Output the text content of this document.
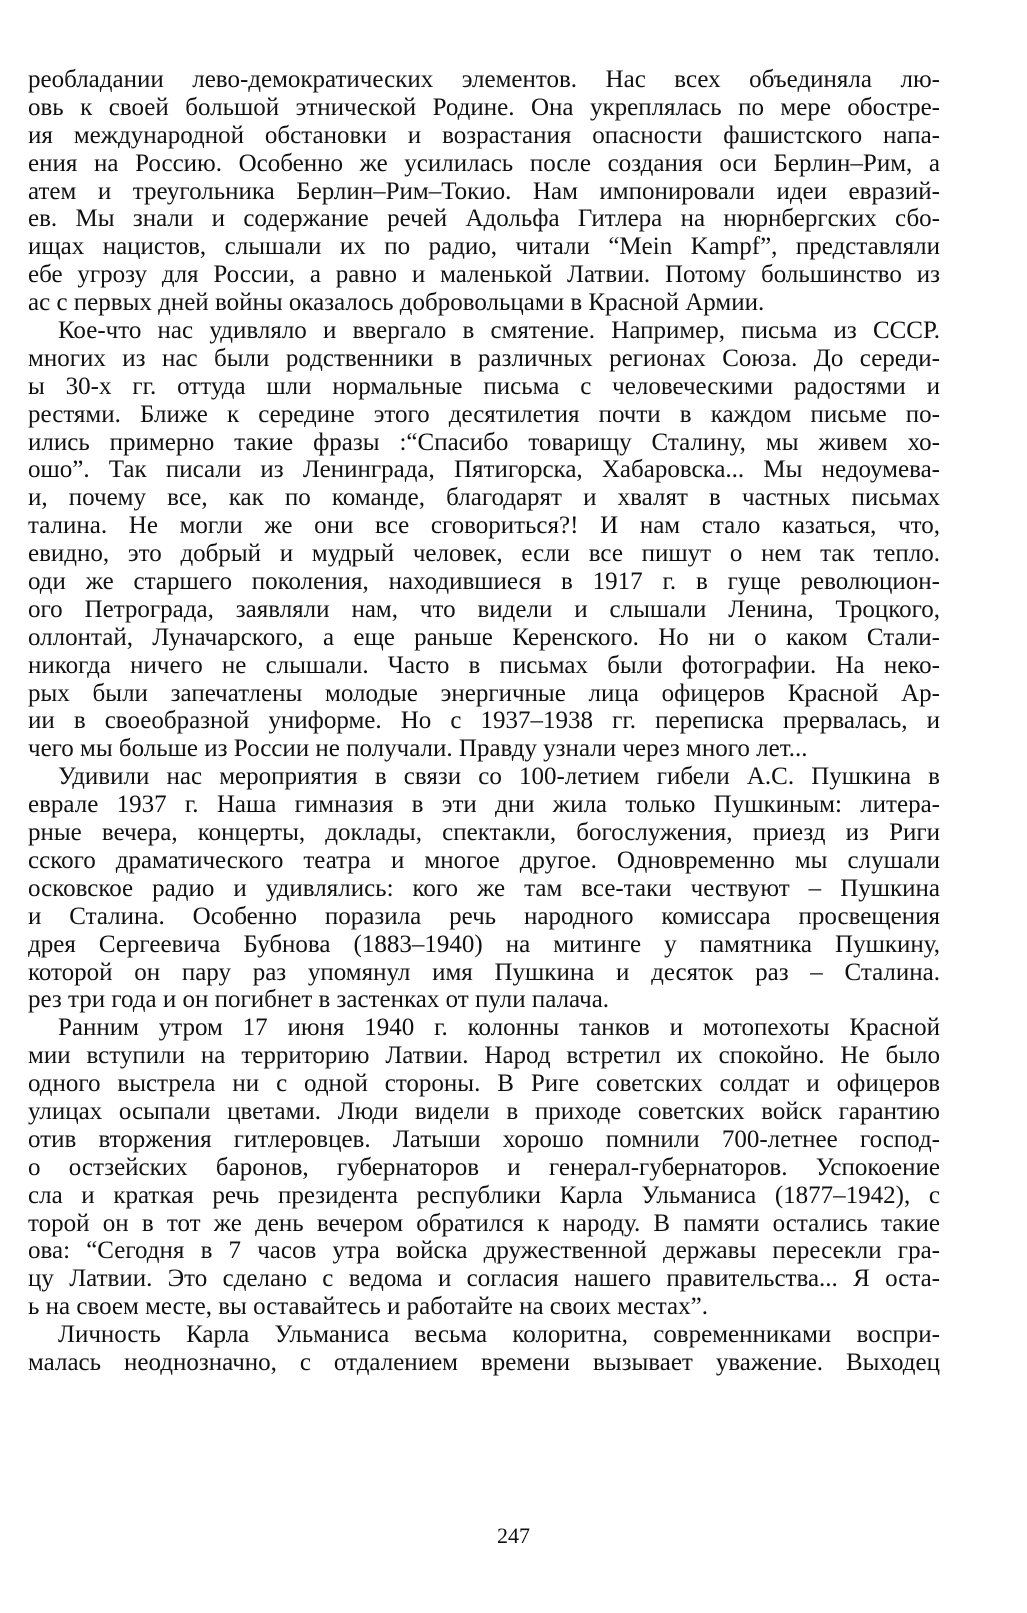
реобладании лево-демократических элементов. Нас всех объединяла лю-
овь к своей большой этнической Родине. Она укреплялась по мере обостре-
ия международной обстановки и возрастания опасности фашистского напа-
ения на Россию. Особенно же усилилась после создания оси Берлин–Рим, а
атем и треугольника Берлин–Рим–Токио. Нам импонировали идеи евразий-
ев. Мы знали и содержание речей Адольфа Гитлера на нюрнбергских сбо-
ищах нацистов, слышали их по радио, читали “Mein Kampf”, представляли
ебе угрозу для России, а равно и маленькой Латвии. Потому большинство из
ас с первых дней войны оказалось добровольцами в Красной Армии.
Кое-что нас удивляло и ввергало в смятение. Например, письма из СССР.
многих из нас были родственники в различных регионах Союза. До середи-
ы 30-х гг. оттуда шли нормальные письма с человеческими радостями и
рестями. Ближе к середине этого десятилетия почти в каждом письме по-
ились примерно такие фразы :“Спасибо товарищу Сталину, мы живем хо-
ошо”. Так писали из Ленинграда, Пятигорска, Хабаровска... Мы недоумева-
и, почему все, как по команде, благодарят и хвалят в частных письмах
талина. Не могли же они все сговориться?! И нам стало казаться, что,
евидно, это добрый и мудрый человек, если все пишут о нем так тепло.
оди же старшего поколения, находившиеся в 1917 г. в гуще революцион-
ого Петрограда, заявляли нам, что видели и слышали Ленина, Троцкого,
оллонтай, Луначарского, а еще раньше Керенского. Но ни о каком Стали-
никогда ничего не слышали. Часто в письмах были фотографии. На неко-
рых были запечатлены молодые энергичные лица офицеров Красной Ар-
ии в своеобразной униформе. Но с 1937–1938 гг. переписка прервалась, и
чего мы больше из России не получали. Правду узнали через много лет...
Удивили нас мероприятия в связи со 100-летием гибели А.С. Пушкина в
еврале 1937 г. Наша гимназия в эти дни жила только Пушкиным: литера-
рные вечера, концерты, доклады, спектакли, богослужения, приезд из Риги
сского драматического театра и многое другое. Одновременно мы слушали
осковское радио и удивлялись: кого же там все-таки чествуют – Пушкина
и Сталина. Особенно поразила речь народного комиссара просвещения
дрея Сергеевича Бубнова (1883–1940) на митинге у памятника Пушкину,
которой он пару раз упомянул имя Пушкина и десяток раз – Сталина.
рез три года и он погибнет в застенках от пули палача.
Ранним утром 17 июня 1940 г. колонны танков и мотопехоты Красной
мии вступили на территорию Латвии. Народ встретил их спокойно. Не было
одного выстрела ни с одной стороны. В Риге советских солдат и офицеров
улицах осыпали цветами. Люди видели в приходе советских войск гарантию
отив вторжения гитлеровцев. Латыши хорошо помнили 700-летнее господ-
о остзейских баронов, губернаторов и генерал-губернаторов. Успокоение
сла и краткая речь президента республики Карла Ульманиса (1877–1942), с
торой он в тот же день вечером обратился к народу. В памяти остались такие
ова: “Сегодня в 7 часов утра войска дружественной державы пересекли гра-
цу Латвии. Это сделано с ведома и согласия нашего правительства... Я оста-
ь на своем месте, вы оставайтесь и работайте на своих местах”.
Личность Карла Ульманиса весьма колоритна, современниками воспри-
малась неоднозначно, с отдалением времени вызывает уважение. Выходец
247
